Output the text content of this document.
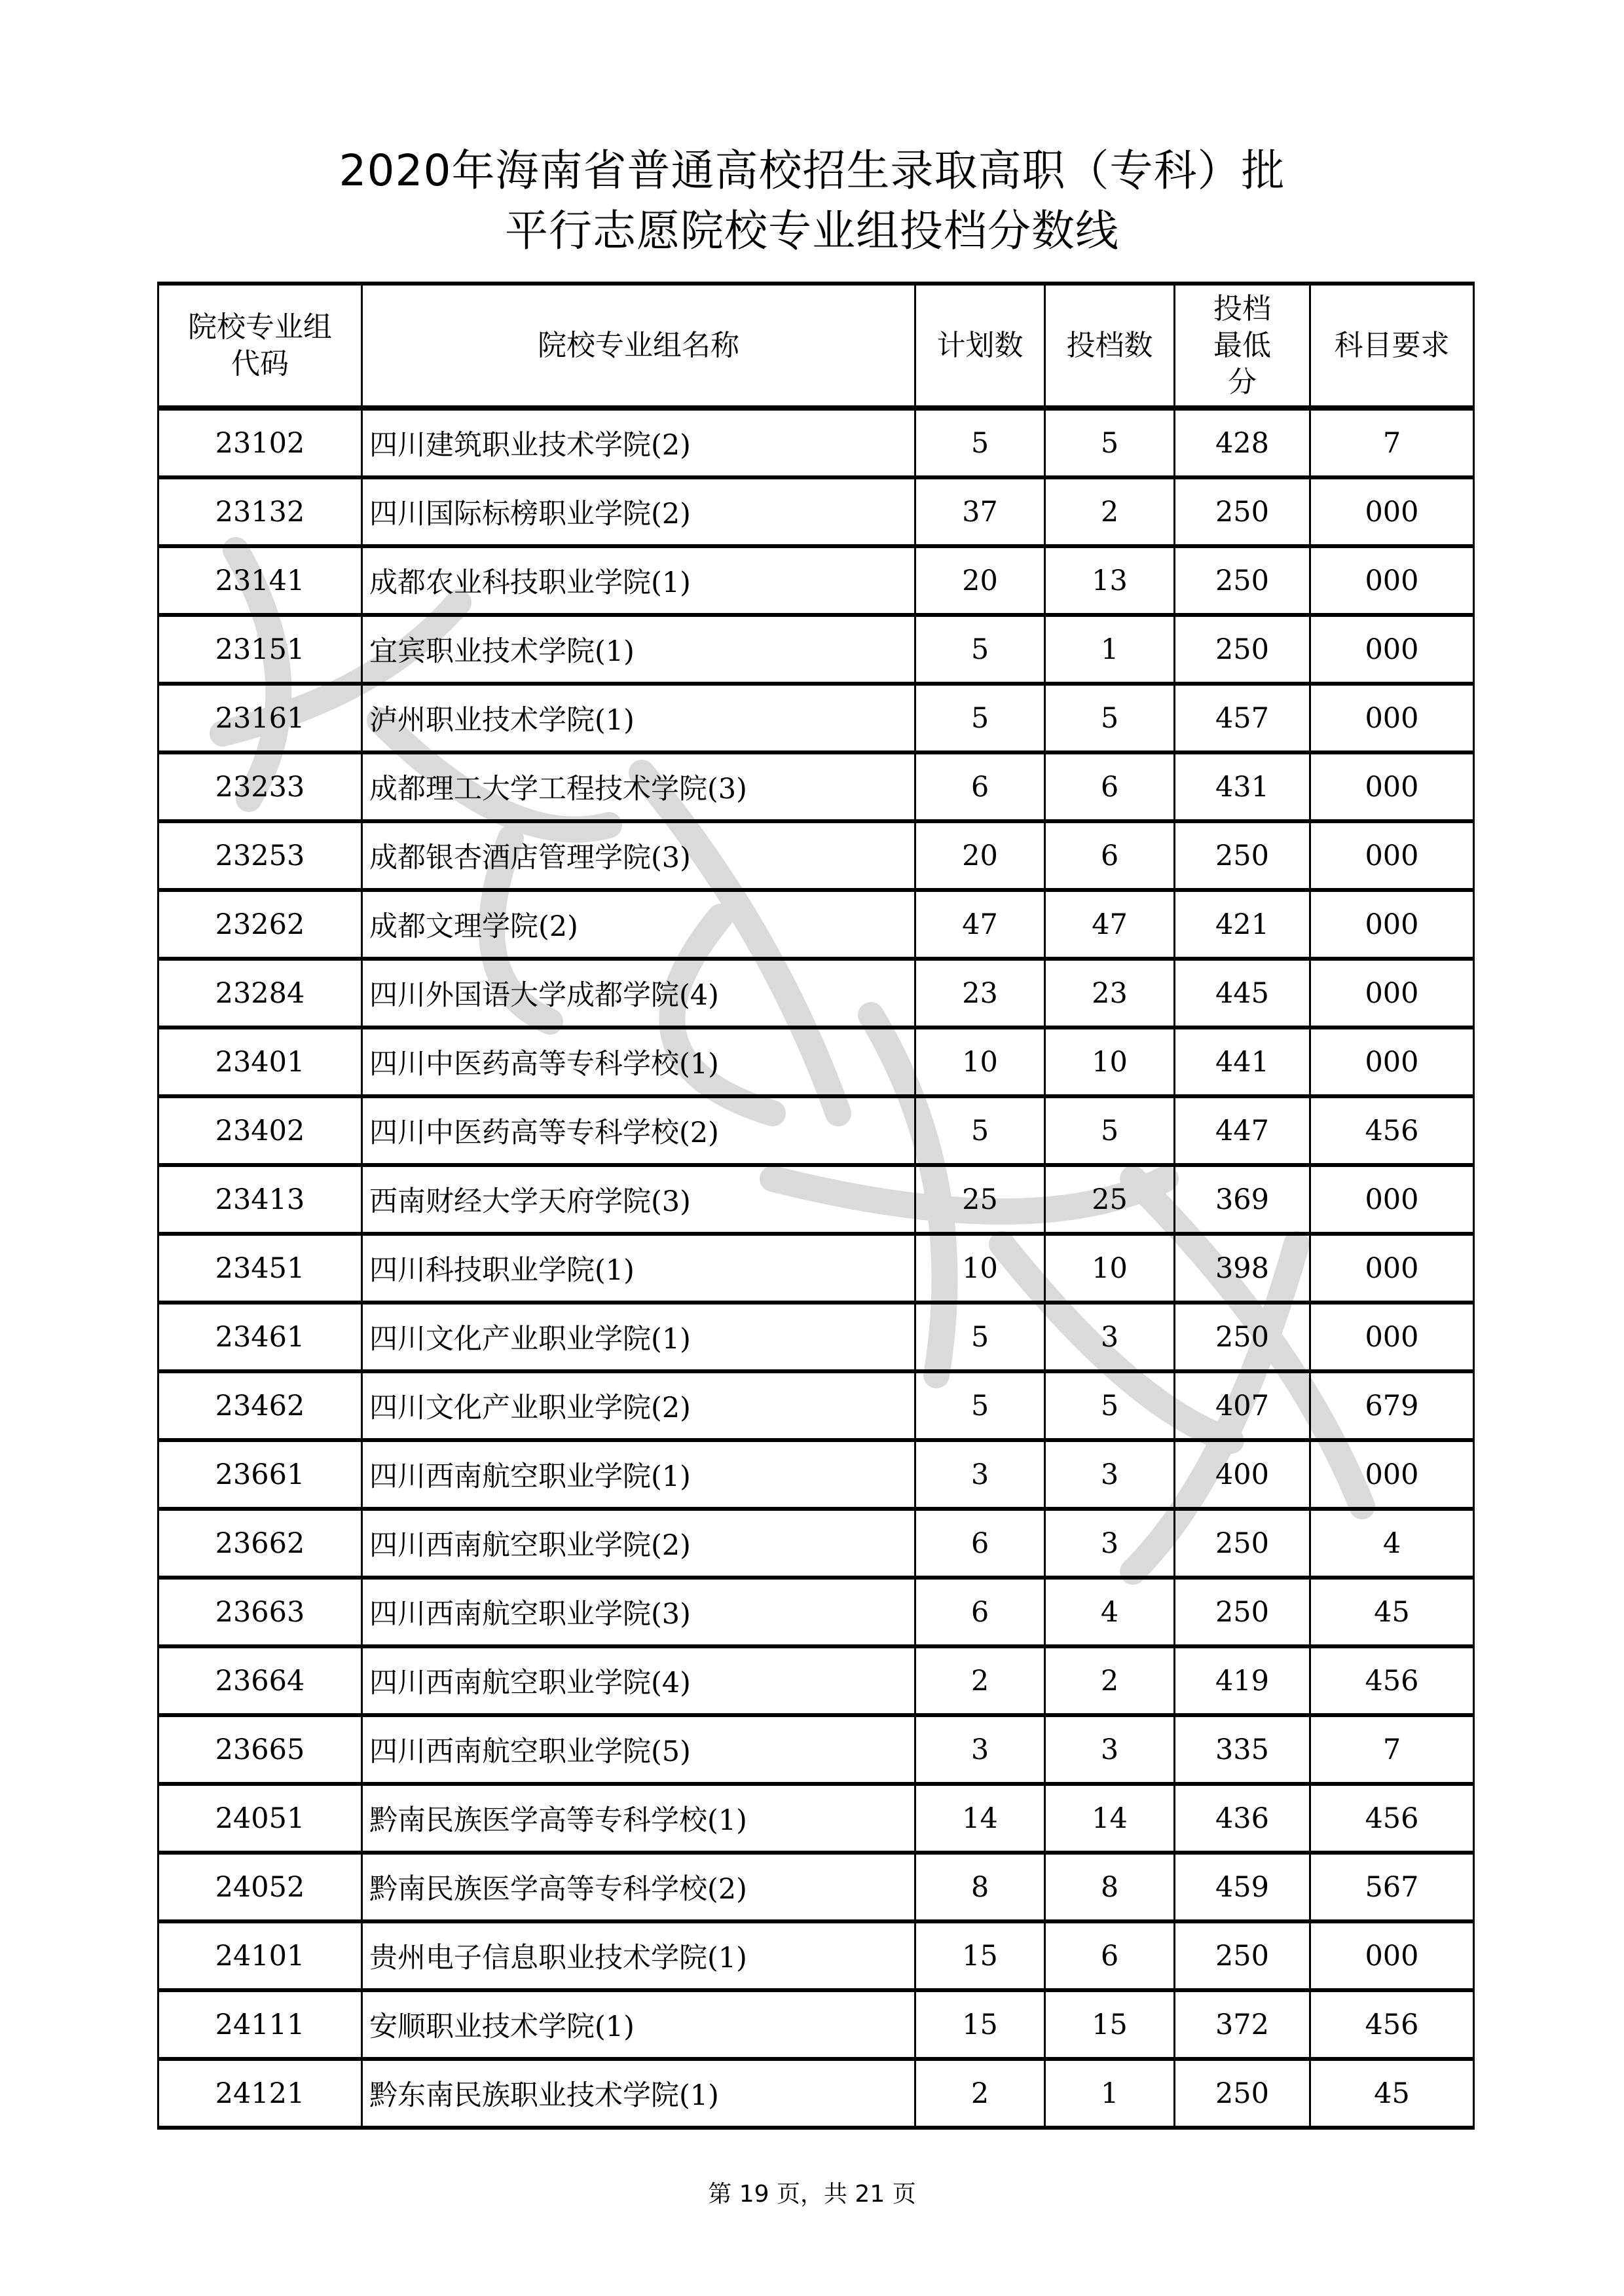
2020年海南省普通高校招生录取高职（专科）批
平行志愿院校专业组投档分数线
院校专业组代码	院校专业组名称	计划数	投档数	投档最低分	科目要求
23102	四川建筑职业技术学院(2)	5	5	428	7
23132	四川国际标榜职业学院(2)	37	2	250	000
23141	成都农业科技职业学院(1)	20	13	250	000
23151	宜宾职业技术学院(1)	5	1	250	000
23161	泸州职业技术学院(1)	5	5	457	000
23233	成都理工大学工程技术学院(3)	6	6	431	000
23253	成都银杏酒店管理学院(3)	20	6	250	000
23262	成都文理学院(2)	47	47	421	000
23284	四川外国语大学成都学院(4)	23	23	445	000
23401	四川中医药高等专科学校(1)	10	10	441	000
23402	四川中医药高等专科学校(2)	5	5	447	456
23413	西南财经大学天府学院(3)	25	25	369	000
23451	四川科技职业学院(1)	10	10	398	000
23461	四川文化产业职业学院(1)	5	3	250	000
23462	四川文化产业职业学院(2)	5	5	407	679
23661	四川西南航空职业学院(1)	3	3	400	000
23662	四川西南航空职业学院(2)	6	3	250	4
23663	四川西南航空职业学院(3)	6	4	250	45
23664	四川西南航空职业学院(4)	2	2	419	456
23665	四川西南航空职业学院(5)	3	3	335	7
24051	黔南民族医学高等专科学校(1)	14	14	436	456
24052	黔南民族医学高等专科学校(2)	8	8	459	567
24101	贵州电子信息职业技术学院(1)	15	6	250	000
24111	安顺职业技术学院(1)	15	15	372	456
24121	黔东南民族职业技术学院(1)	2	1	250	45
第 19 页，共 21 页
